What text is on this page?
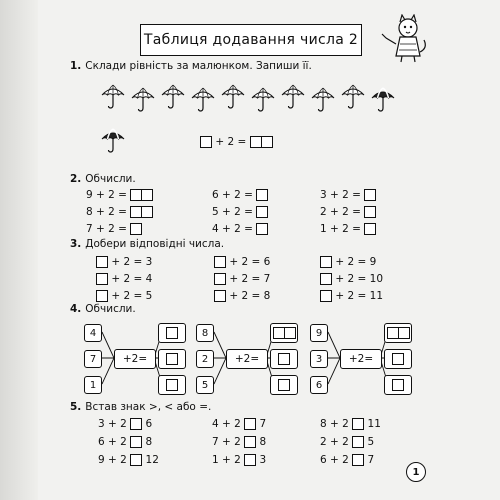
Таблиця додавання числа 2
1. Склади рівність за малюнком. Запиши її.
+ 2 =
2. Обчисли.
3. Добери відповідні числа.
4. Обчисли.
5. Встав знак >, < або =.
1
9 + 2 =	6 + 2 =	3 + 2 =
8 + 2 =	5 + 2 =	2 + 2 =
7 + 2 =	4 + 2 =	1 + 2 =
+ 2 = 3	+ 2 = 6	+ 2 = 9
+ 2 = 4	+ 2 = 7	+ 2 = 10
+ 2 = 5	+ 2 = 8	+ 2 = 11
4
7
1
+2=
8
2
5
+2=
9
3
6
+2=
3 + 2 6	4 + 2 7	8 + 2 11
6 + 2 8	7 + 2 8	2 + 2 5
9 + 2 12	1 + 2 3	6 + 2 7
